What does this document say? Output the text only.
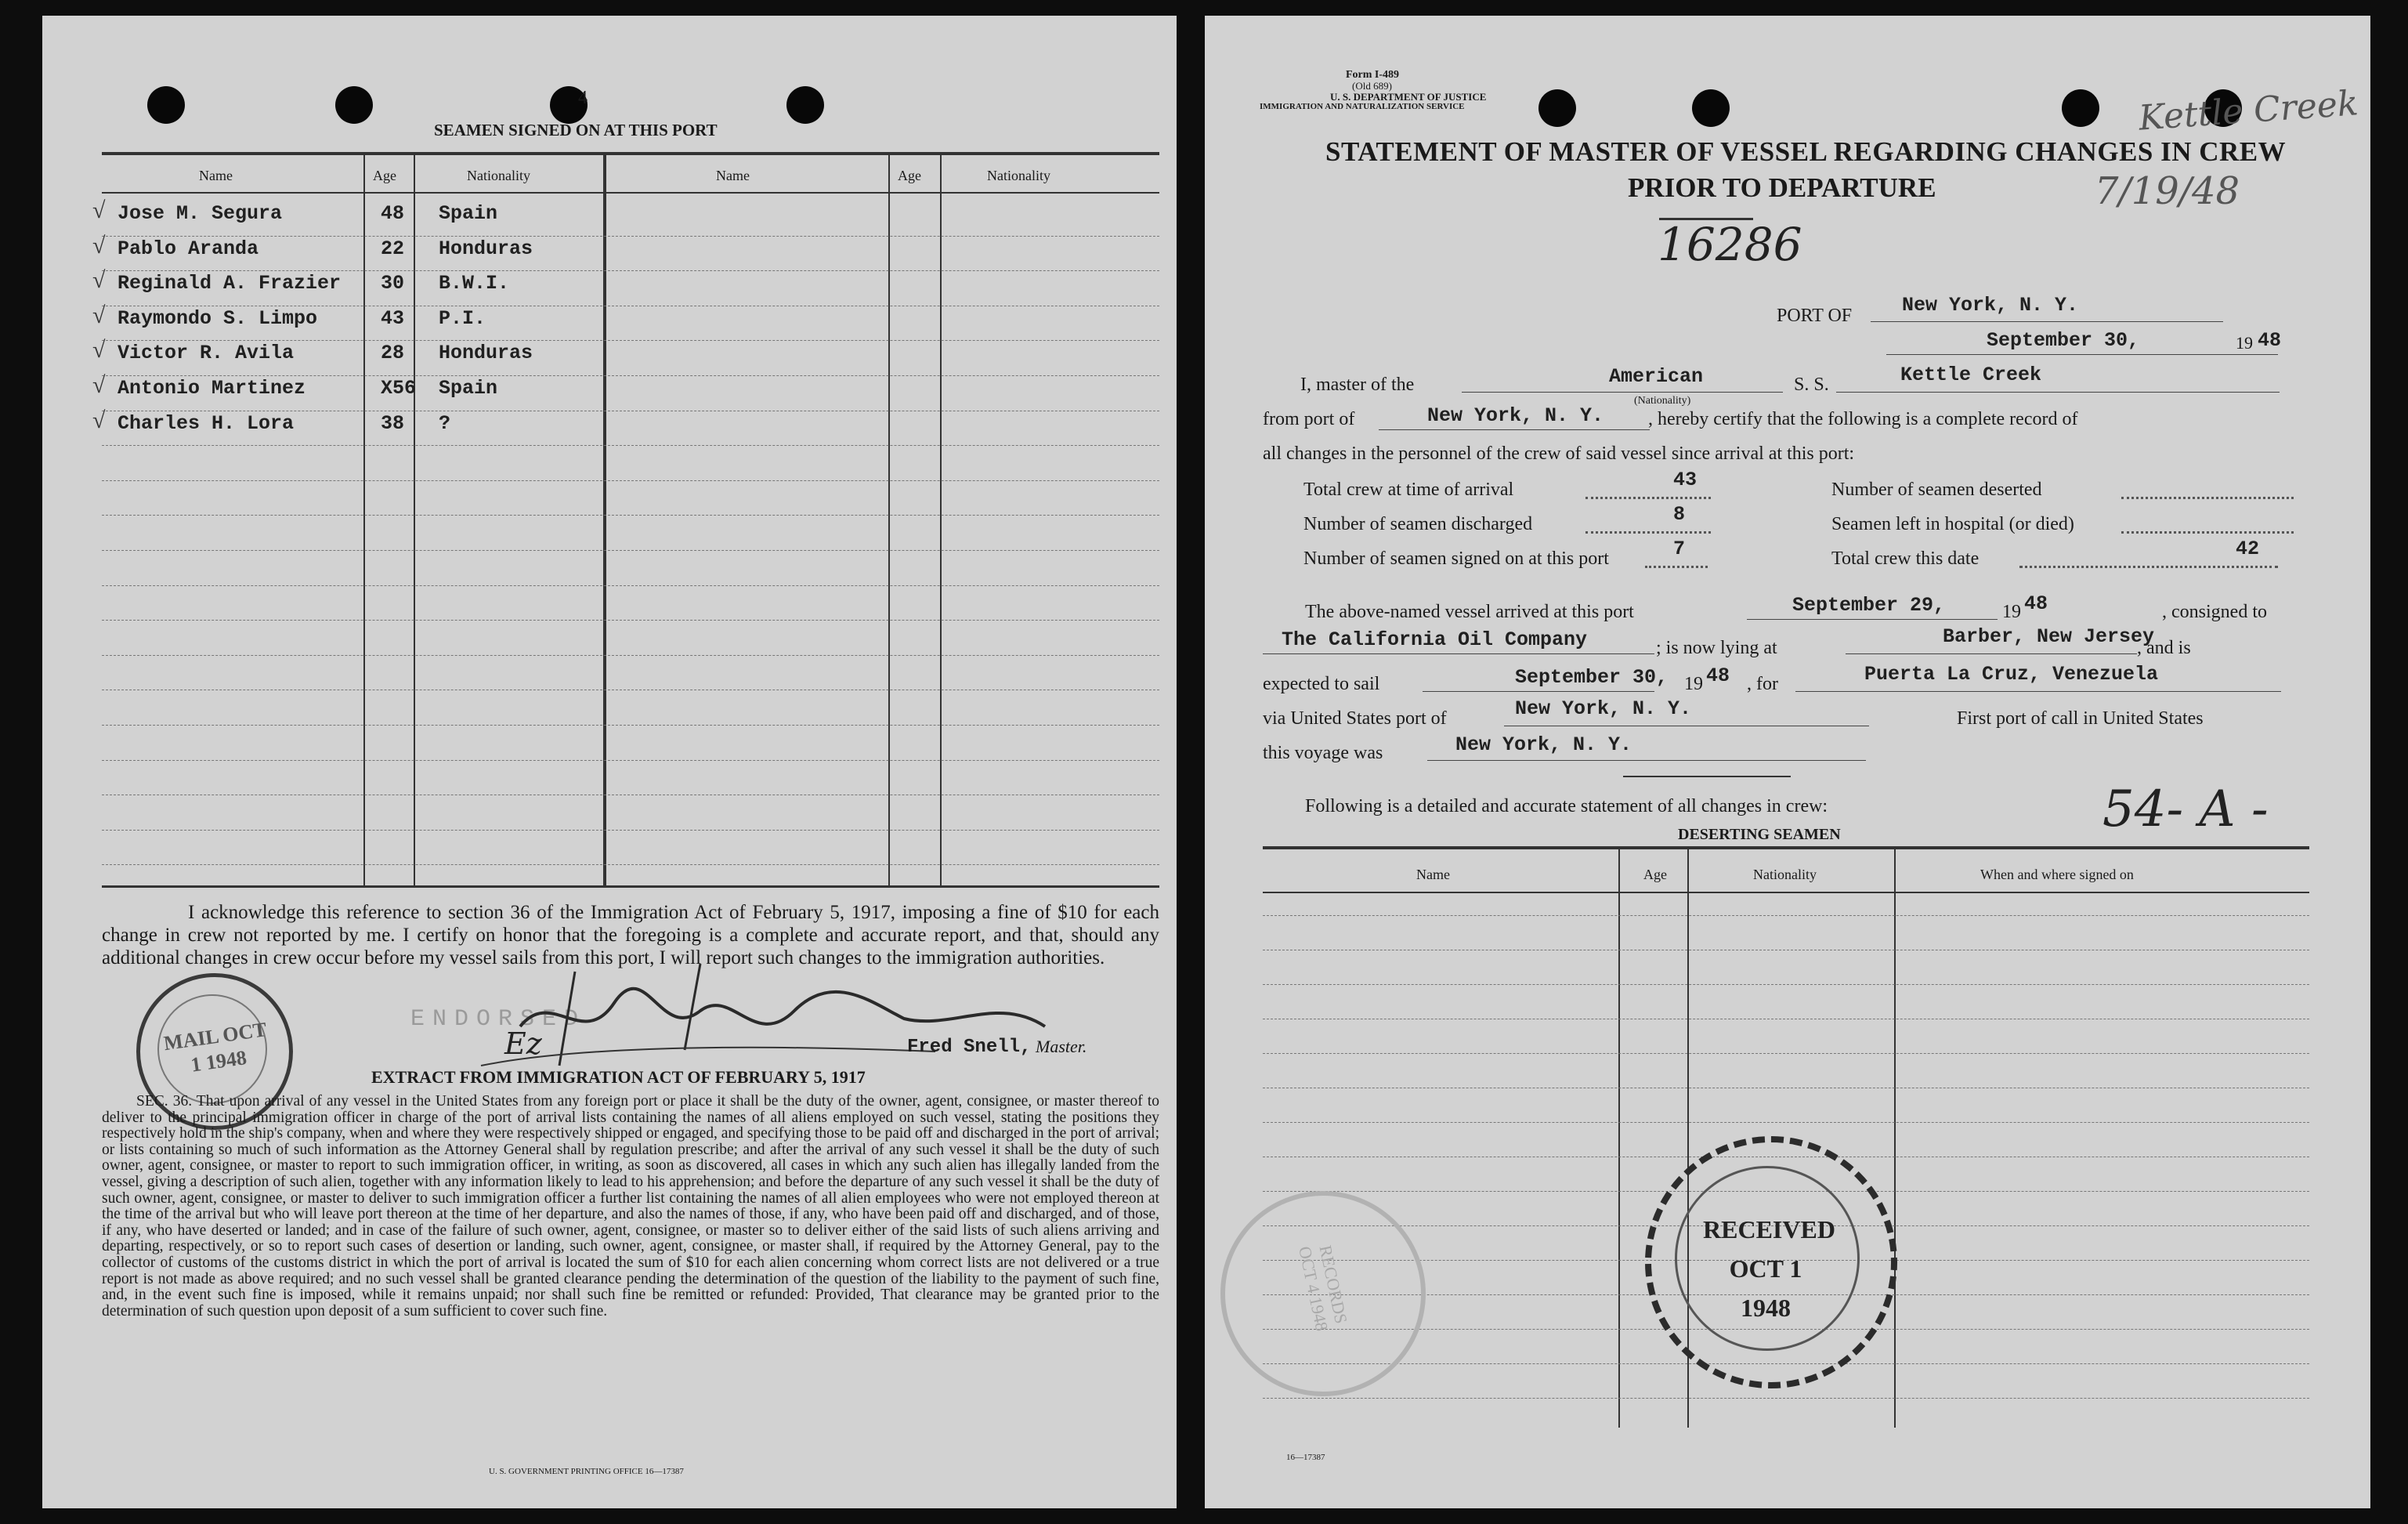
4
SEAMEN SIGNED ON AT THIS PORT
Name	Age	Nationality	Name	Age	Nationality
√ Jose M. Segura	48 Spain
√ Pablo Aranda	22 Honduras
√ Reginald A. Frazier 30 B.W.I.
√ Raymondo S. Limpo	43 P.I.
√ Victor R. Avila	28 Honduras
√ Antonio Martinez	X56 Spain
√ Charles H. Lora	38 ?
I acknowledge this reference to section 36 of the Immigration Act of February 5, 1917, imposing a fine of $10 for each change in crew not reported by me. I certify on honor that the foregoing is a complete and accurate report, and that, should any additional changes in crew occur before my vessel sails from this port, I will report such changes to the immigration authorities.
MAIL OCT 1 1948
ENDORSED
Ez	Fred Snell, Master.
EXTRACT FROM IMMIGRATION ACT OF FEBRUARY 5, 1917
SEC. 36. That upon arrival of any vessel in the United States from any foreign port or place it shall be the duty of the owner, agent, consignee, or master thereof to deliver to the principal immigration officer in charge of the port of arrival lists containing the names of all aliens employed on such vessel, stating the positions they respectively hold in the ship's company, when and where they were respectively shipped or engaged, and specifying those to be paid off and discharged in the port of arrival; or lists containing so much of such information as the Attorney General shall by regulation prescribe; and after the arrival of any such vessel it shall be the duty of such owner, agent, consignee, or master to report to such immigration officer, in writing, as soon as discovered, all cases in which any such alien has illegally landed from the vessel, giving a description of such alien, together with any information likely to lead to his apprehension; and before the departure of any such vessel it shall be the duty of such owner, agent, consignee, or master to deliver to such immigration officer a further list containing the names of all alien employees who were not employed thereon at the time of the arrival but who will leave port thereon at the time of her departure, and also the names of those, if any, who have been paid off and discharged, and of those, if any, who have deserted or landed; and in case of the failure of such owner, agent, consignee, or master so to deliver either of the said lists of such aliens arriving and departing, respectively, or so to report such cases of desertion or landing, such owner, agent, consignee, or master shall, if required by the Attorney General, pay to the collector of customs of the customs district in which the port of arrival is located the sum of $10 for each alien concerning whom correct lists are not delivered or a true report is not made as above required; and no such vessel shall be granted clearance pending the determination of the question of the liability to the payment of such fine, and, in the event such fine is imposed, while it remains unpaid; nor shall such fine be remitted or refunded: Provided, That clearance may be granted prior to the determination of such question upon deposit of a sum sufficient to cover such fine.
U. S. GOVERNMENT PRINTING OFFICE 16—17387
Form I-489
(Old 689)
U. S. DEPARTMENT OF JUSTICE
IMMIGRATION AND NATURALIZATION SERVICE
STATEMENT OF MASTER OF VESSEL REGARDING CHANGES IN CREW
PRIOR TO DEPARTURE
Kettle Creek
7/19/48
16286
PORT OF	New York, N. Y.
September 30,	19 48
I, master of the	American
(Nationality)
S. S.	Kettle Creek
from port of	New York, N. Y. , hereby certify that the following is a complete record of
all changes in the personnel of the crew of said vessel since arrival at this port:
Total crew at time of arrival	43
Number of seamen discharged	8
Number of seamen signed on at this port	7
Number of seamen deserted
Seamen left in hospital (or died)
Total crew this date	42
The above-named vessel arrived at this port	September 29,	19 48	, consigned to
The California Oil Company	; is now lying at	Barber, New Jersey
, and is
expected to sail	September 30, 19 48 , for	Puerta La Cruz, Venezuela
via United States port of	New York, N. Y.	First port of call in United States
this voyage was	New York, N. Y.
Following is a detailed and accurate statement of all changes in crew:	54- A -
DESERTING SEAMEN
Name	Age	Nationality	When and where signed on
RECORDS OCT 4 1948
RECEIVED OCT 1 1948
16—17387
